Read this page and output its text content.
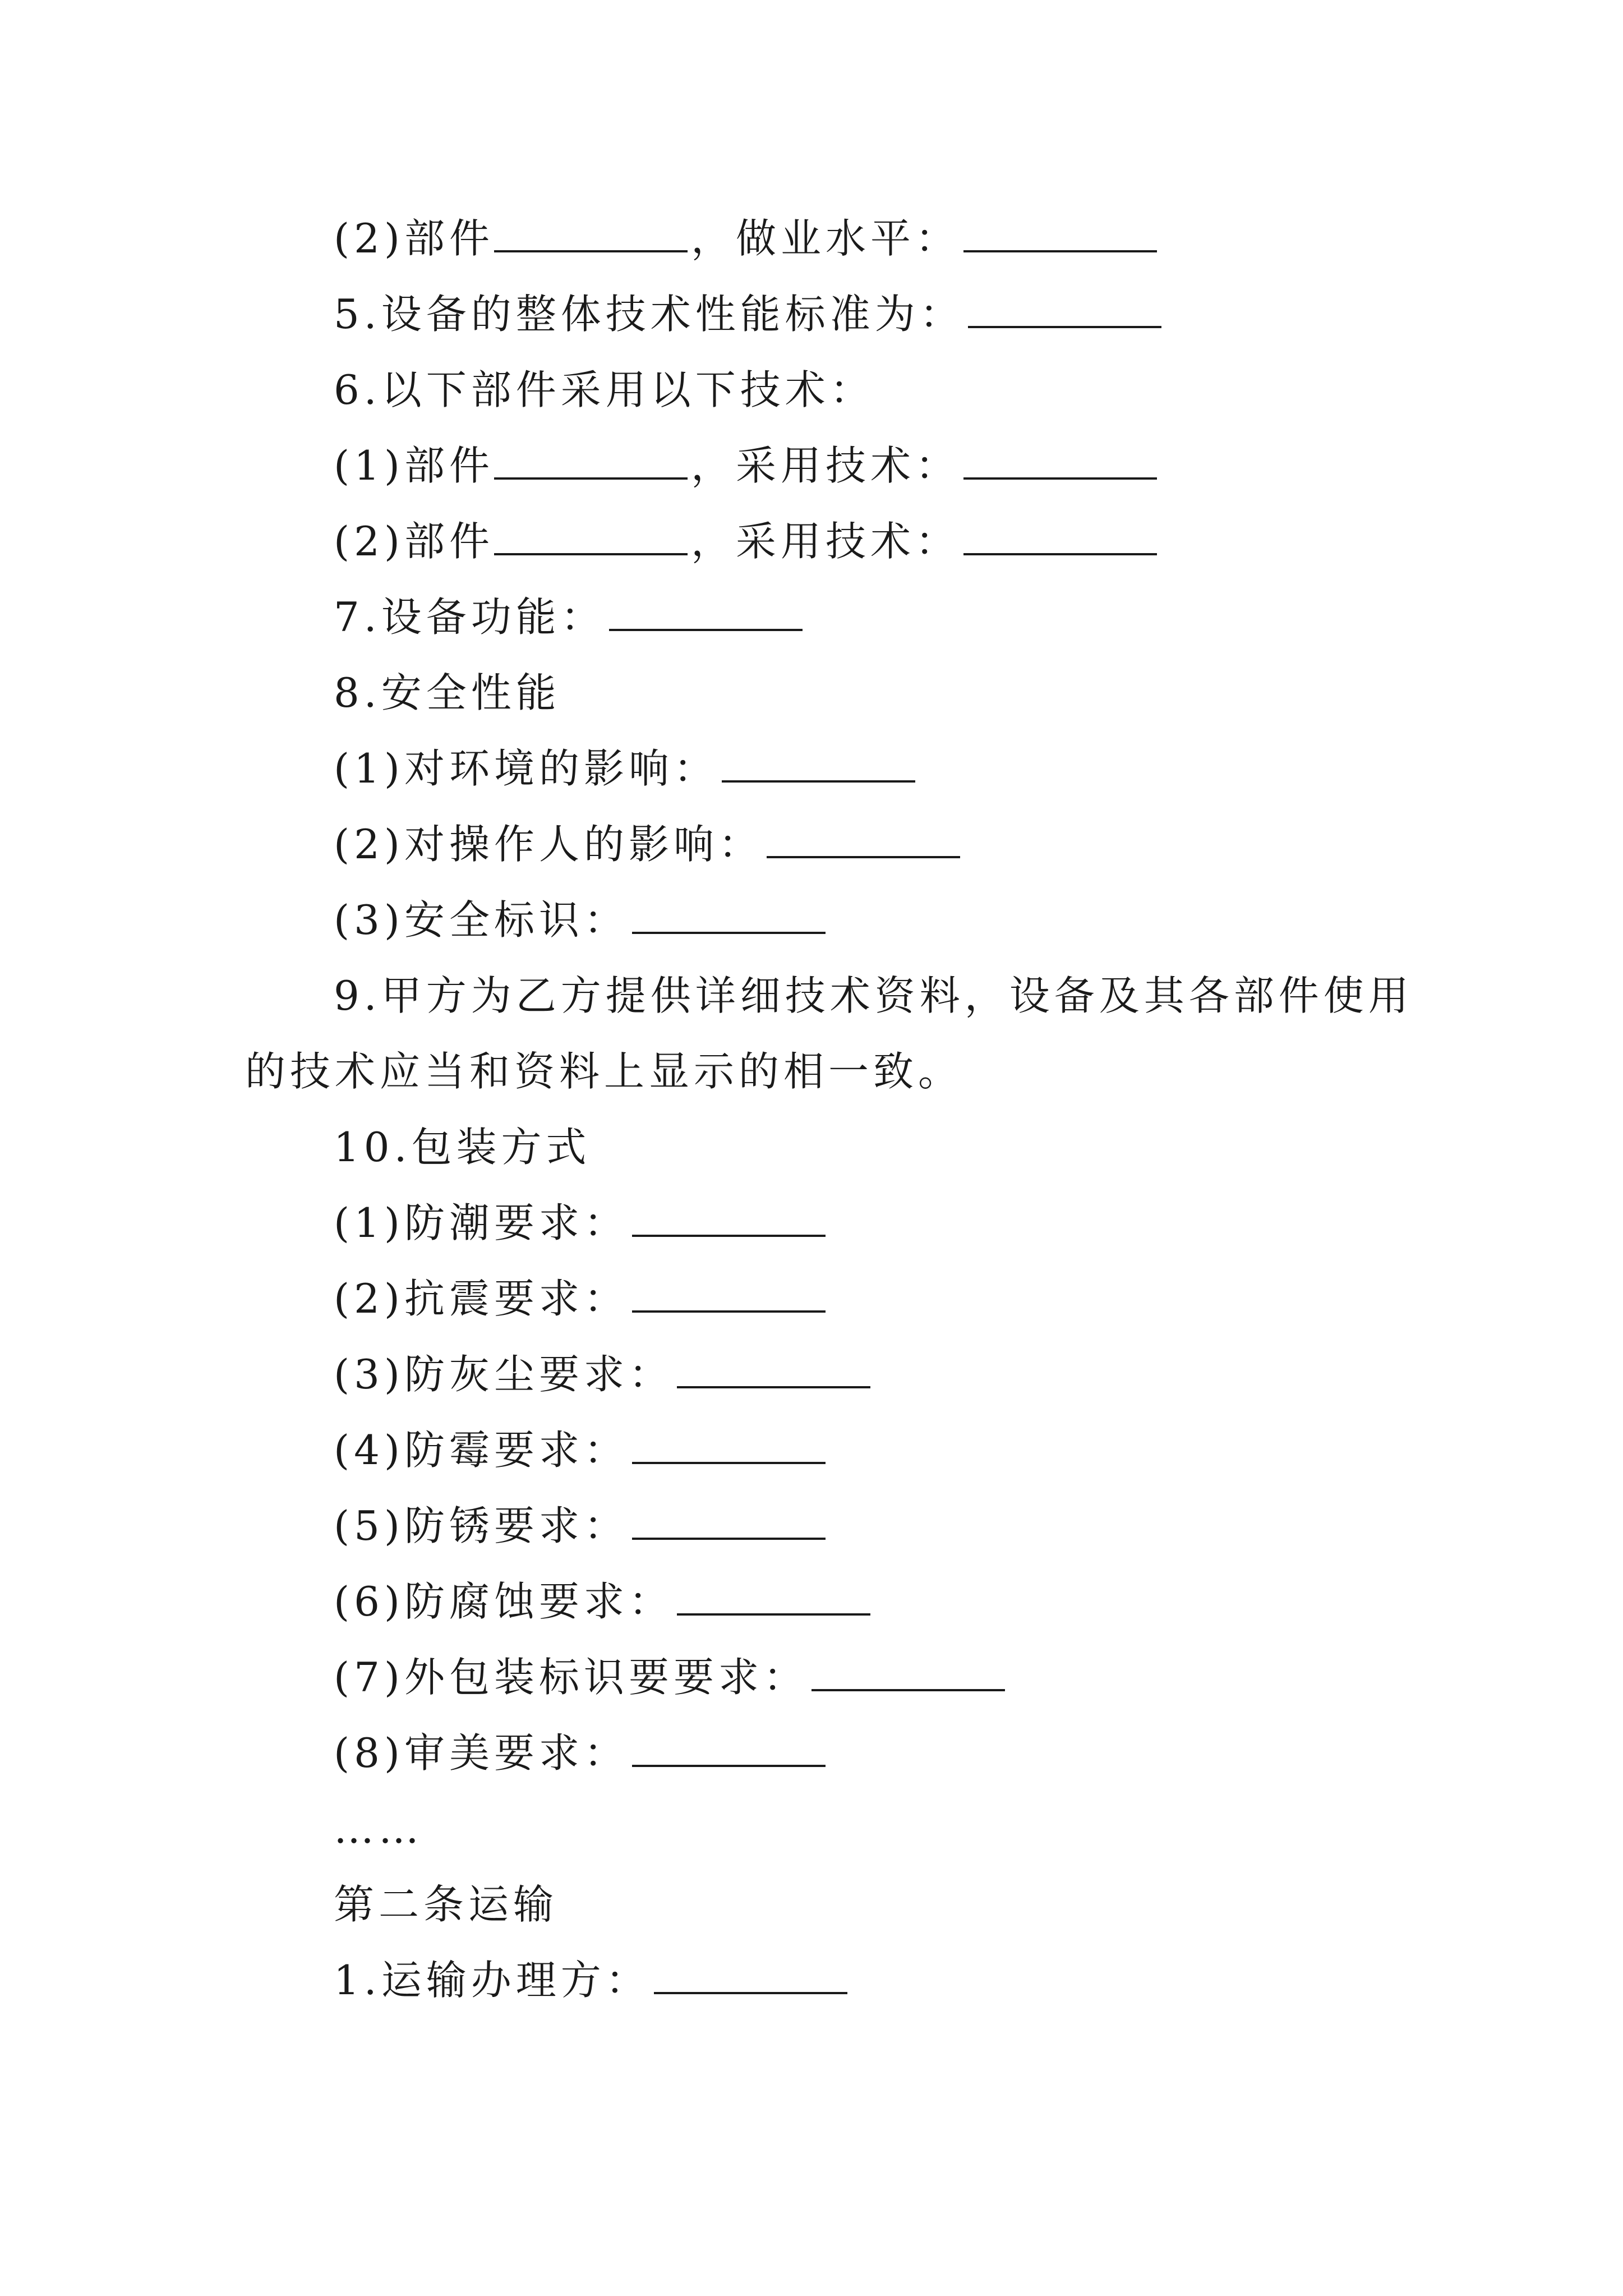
(2)部件	，做业水平：
5.设备的整体技术性能标准为：
6.以下部件采用以下技术：
(1)部件	，采用技术：
(2)部件	，采用技术：
7.设备功能：
8.安全性能
(1)对环境的影响：
(2)对操作人的影响：
(3)安全标识：
9.甲方为乙方提供详细技术资料，设备及其各部件使用
的技术应当和资料上显示的相一致。
10.包装方式
(1)防潮要求：
(2)抗震要求：
(3)防灰尘要求：
(4)防霉要求：
(5)防锈要求：
(6)防腐蚀要求：
(7)外包装标识要要求：
(8)审美要求：
……
第二条运输
1.运输办理方：
